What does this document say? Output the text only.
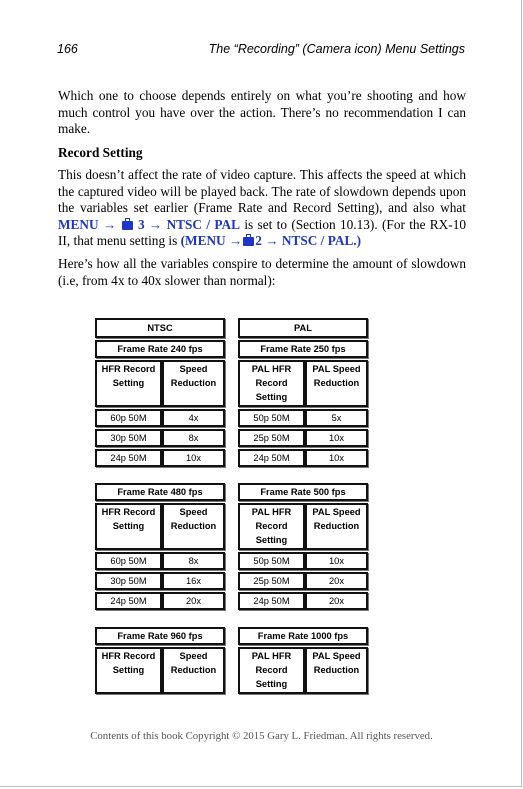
166	The “Recording” (Camera icon) Menu Settings
Which one to choose depends entirely on what you’re shooting and how much control you have over the action. There’s no recommendation I can make.
Record Setting
This doesn’t affect the rate of video capture. This affects the speed at which the captured video will be played back. The rate of slowdown depends upon the variables set earlier (Frame Rate and Record Setting), and also what MENU → 3 → NTSC / PAL is set to (Section 10.13). (For the RX-10 II, that menu setting is (MENU → 2 → NTSC / PAL.)
Here’s how all the variables conspire to determine the amount of slowdown (i.e, from 4x to 40x slower than normal):
NTSC	
Frame Rate 240 fps	
HFR Record Setting	Speed Reduction
60p 50M	4x
30p 50M	8x
24p 50M	10x
PAL	
Frame Rate 250 fps	
PAL HFR Record Setting	PAL Speed Reduction
50p 50M	5x
25p 50M	10x
24p 50M	10x
Frame Rate 480 fps	
HFR Record Setting	Speed Reduction
60p 50M	8x
30p 50M	16x
24p 50M	20x
Frame Rate 500 fps	
PAL HFR Record Setting	PAL Speed Reduction
50p 50M	10x
25p 50M	20x
24p 50M	20x
Frame Rate 960 fps
HFR Record Setting	Speed Reduction
Frame Rate 1000 fps
PAL HFR Record Setting	PAL Speed Reduction
Contents of this book Copyright © 2015 Gary L. Friedman. All rights reserved.
